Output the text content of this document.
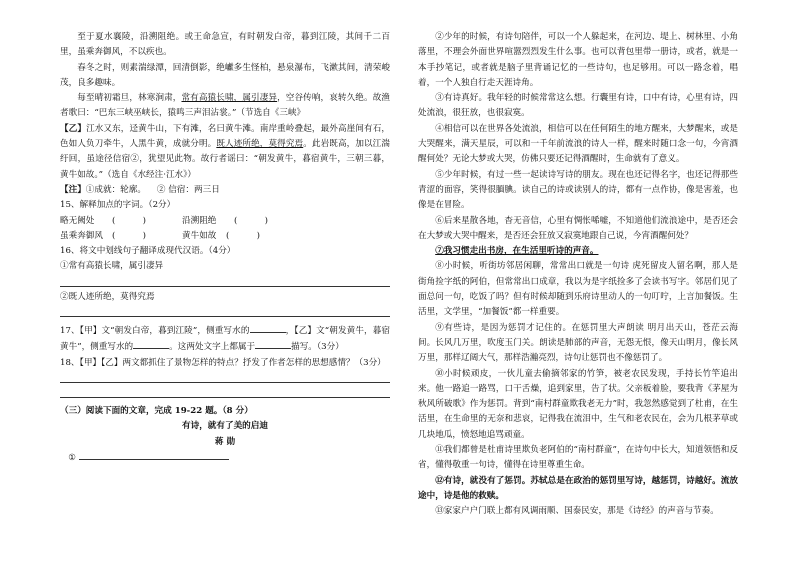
至于夏水襄陵，沿溯阻绝。或王命急宣，有时朝发白帝，暮到江陵，其间千二百里，虽乘奔御风，不以疾也。

春冬之时，则素湍绿潭，回清倒影，绝巘多生怪柏，悬泉瀑布，飞漱其间，清荣峻茂，良多趣味。

每至晴初霜旦，林寒涧肃，常有高猿长啸，属引凄异，空谷传响，哀转久绝。故渔者歌曰：“巴东三峡巫峡长，猿鸣三声泪沾裳。”（节选自《三峡》

【乙】江水又东，迳黄牛山，下有滩，名曰黄牛滩。南岸重岭叠起，最外高崖间有石，色如人负刀牵牛，人黑牛黄，成就分明。既人迹所绝，莫得究焉。此岩既高，加以江湍纡回，虽途径信宿②，犹望见此物。故行者谣曰：“朝发黄牛，暮宿黄牛，三朝三暮，黄牛如故。”（选自《水经注·江水》）

【注】①成就：轮廓。 ② 信宿：两三日

15、解释加点的字词。（2分）

略无阙处	(          )	沿溯阻绝	(          )
虽乘奔御风	(          )	黄牛如故	(          )

16、将文中划线句子翻译成现代汉语。（4分）

①常有高猿长啸，属引凄异

②既人迹所绝，莫得究焉

17、【甲】文“朝发白帝，暮到江陵”，侧重写水的	，【乙】文“朝发黄牛，暮宿黄牛”，侧重写水的	。这两处文字上都属于	描写。（3分）

18、【甲】【乙】两文都抓住了景物怎样的特点？抒发了作者怎样的思想感情？（3分）

（三）阅读下面的文章，完成 19-22 题。（8 分）

有诗，就有了美的启迪

蒋 勋

①

②少年的时候，有诗句陪伴，可以一个人躲起来，在河边、堤上、树林里、小角落里，不理会外面世界喧嚣烈烈发生什么事。也可以背包里带一册诗，或者，就是一本手抄笔记，或者就是脑子里背诵记忆的一些诗句，也足够用。可以一路念着，唱着，一个人独自行走天涯诗角。

③有诗真好。我年轻的时候常常这么想。行囊里有诗，口中有诗，心里有诗，四处流浪，很狂放，也很寂寞。

④相信可以在世界各处流浪，相信可以在任何陌生的地方醒来，大梦醒来，或是大哭醒来，满天星辰，可以和一千年前流浪的诗人一样，醒来时随口念一句，今宵酒醒何处？无论大梦或大哭，仿佛只要还记得酒醒时，生命就有了意义。

⑤少年时候，有过一些一起读诗写诗的朋友。现在也还记得名字，也还记得那些青涩的面容，笑得很腼腆。读自己的诗或读别人的诗，都有一点作协，像是害羞，也像是在冒险。

⑥后来星散各地，杳无音信，心里有惆怅唏嘘，不知道他们流浪途中，是否还会在大梦或大哭中醒来，是否还会狂放又寂寞地跟自己说，今宵酒醒何处？

⑦我习惯走出书房，在生活里听诗的声音。

⑧小时候，听街坊邻居闲聊，常常出口就是一句诗 虎死留皮人留名啊，那人是街角捡字纸的阿伯，但常常出口成章，我以为是字纸捡多了会读书写字。邻居们见了面总问一句，吃饭了吗？但有时候却随到乐府诗里动人的一句叮咛，上言加餐饭。生活里，文学里，“加餐饭”都一样重要。

⑨有些诗，是因为惩罚才记住的。在惩罚里大声朗读 明月出天山，苍茫云海间。长风几万里，吹度玉门关。朗读是肺部的声音，无怨无恨，像天山明月，像长风万里，那样辽阔大气，那样浩瀚亮烈，诗句让惩罚也不像惩罚了。

⑩小时候顽皮，一伙儿童去偷摘邻家的竹笋，被老农民发现，手持长竹竿追出来。他一路追一路骂，口干舌燥，追到家里，告了状。父亲板着脸，要我背《茅屋为秋风所破歌》作为惩罚。背到“南村群童欺我老无力”时，我忽然感觉到了杜甫，在生活里，在生命里的无奈和悲哀，记得我在流泪中，生气和老农民在，会为几根茅草或几块地瓜，愤怒地追骂顽童。

⑪我们都曾是杜甫诗里欺负老阿伯的“南村群童”，在诗句中长大，知道领悟和反省，懂得敬重一句诗，懂得在诗里尊重生命。

⑫有诗，就没有了惩罚。苏轼总是在政治的惩罚里写诗，越惩罚，诗越好。流放途中，诗是他的救赎。

⑬家家户户门联上都有风调雨顺、国泰民安，那是《诗经》的声音与节奏。
